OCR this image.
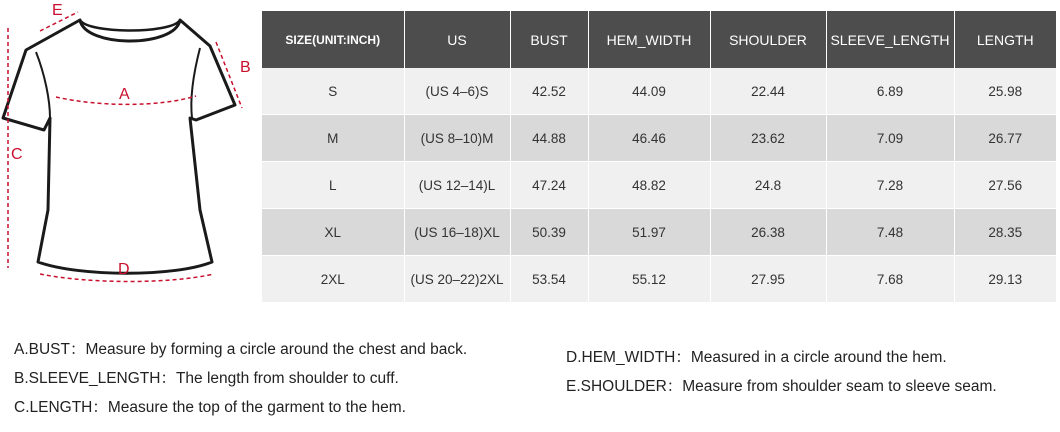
E
B
A
C
D
SIZE(UNIT:INCH)	US	BUST	HEM_WIDTH	SHOULDER	SLEEVE_LENGTH	LENGTH
S	(US 4–6)S	42.52	44.09	22.44	6.89	25.98
M	(US 8–10)M	44.88	46.46	23.62	7.09	26.77
L	(US 12–14)L	47.24	48.82	24.8	7.28	27.56
XL	(US 16–18)XL	50.39	51.97	26.38	7.48	28.35
2XL	(US 20–22)2XL	53.54	55.12	27.95	7.68	29.13
A.BUST：Measure by forming a circle around the chest and back.
B.SLEEVE_LENGTH：The length from shoulder to cuff.
C.LENGTH：Measure the top of the garment to the hem.
D.HEM_WIDTH：Measured in a circle around the hem.
E.SHOULDER：Measure from shoulder seam to sleeve seam.
